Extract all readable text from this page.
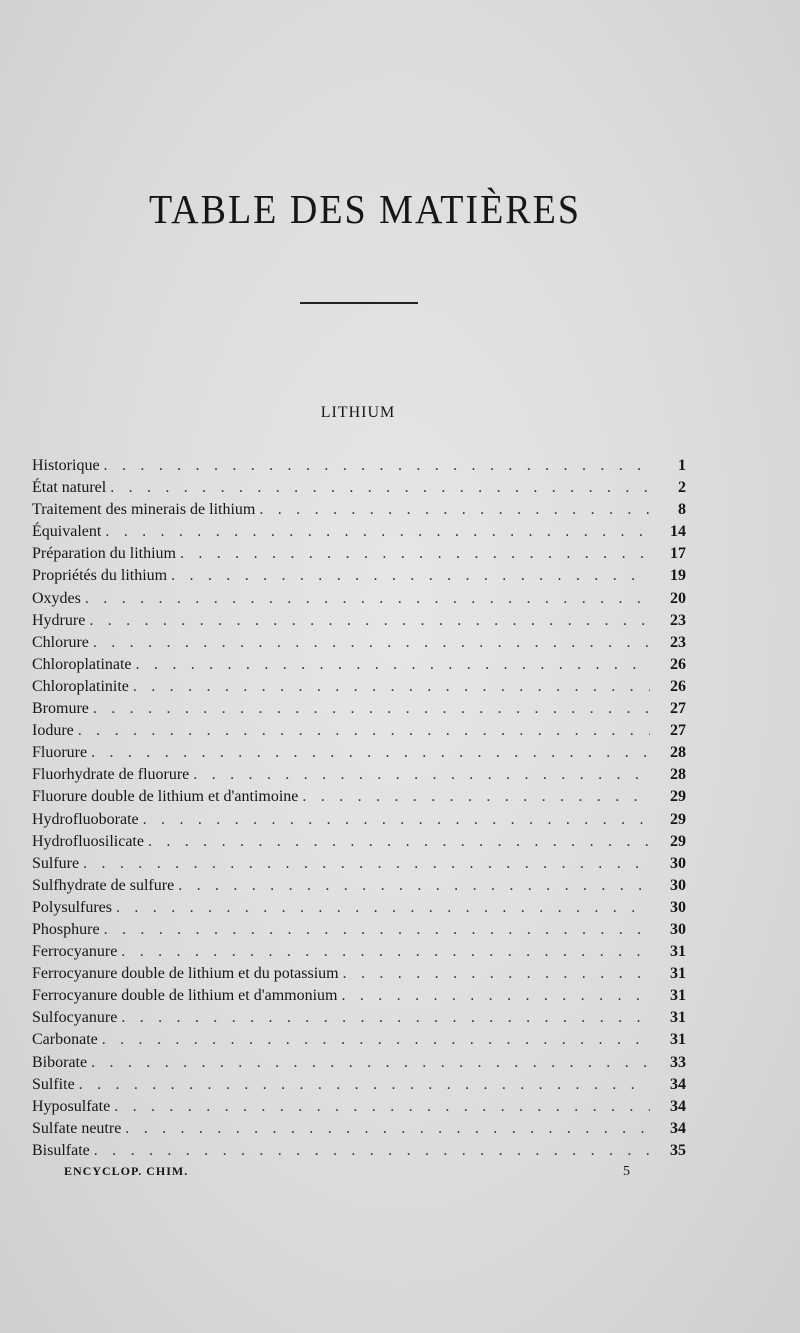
TABLE DES MATIÈRES
LITHIUM
Historique . . .	1
État naturel . . .	2
Traitement des minerais de lithium . . .	8
Équivalent . . .	14
Préparation du lithium . . .	17
Propriétés du lithium . . .	19
Oxydes . . .	20
Hydrure . . .	23
Chlorure . . .	23
Chloroplatinate . . .	26
Chloroplatinite . . .	26
Bromure . . .	27
Iodure . . .	27
Fluorure . . .	28
Fluorhydrate de fluorure . . .	28
Fluorure double de lithium et d'antimoine . . .	29
Hydrofluoborate . . .	29
Hydrofluosilicate . . .	29
Sulfure . . .	30
Sulfhydrate de sulfure . . .	30
Polysulfures . . .	30
Phosphure . . .	30
Ferrocyanure . . .	31
Ferrocyanure double de lithium et du potassium . . .	31
Ferrocyanure double de lithium et d'ammonium . . .	31
Sulfocyanure . . .	31
Carbonate . . .	31
Biborate . . .	33
Sulfite . . .	34
Hyposulfate . . .	34
Sulfate neutre . . .	34
Bisulfate . . .	35
ENCYCLOP. CHIM.	5
